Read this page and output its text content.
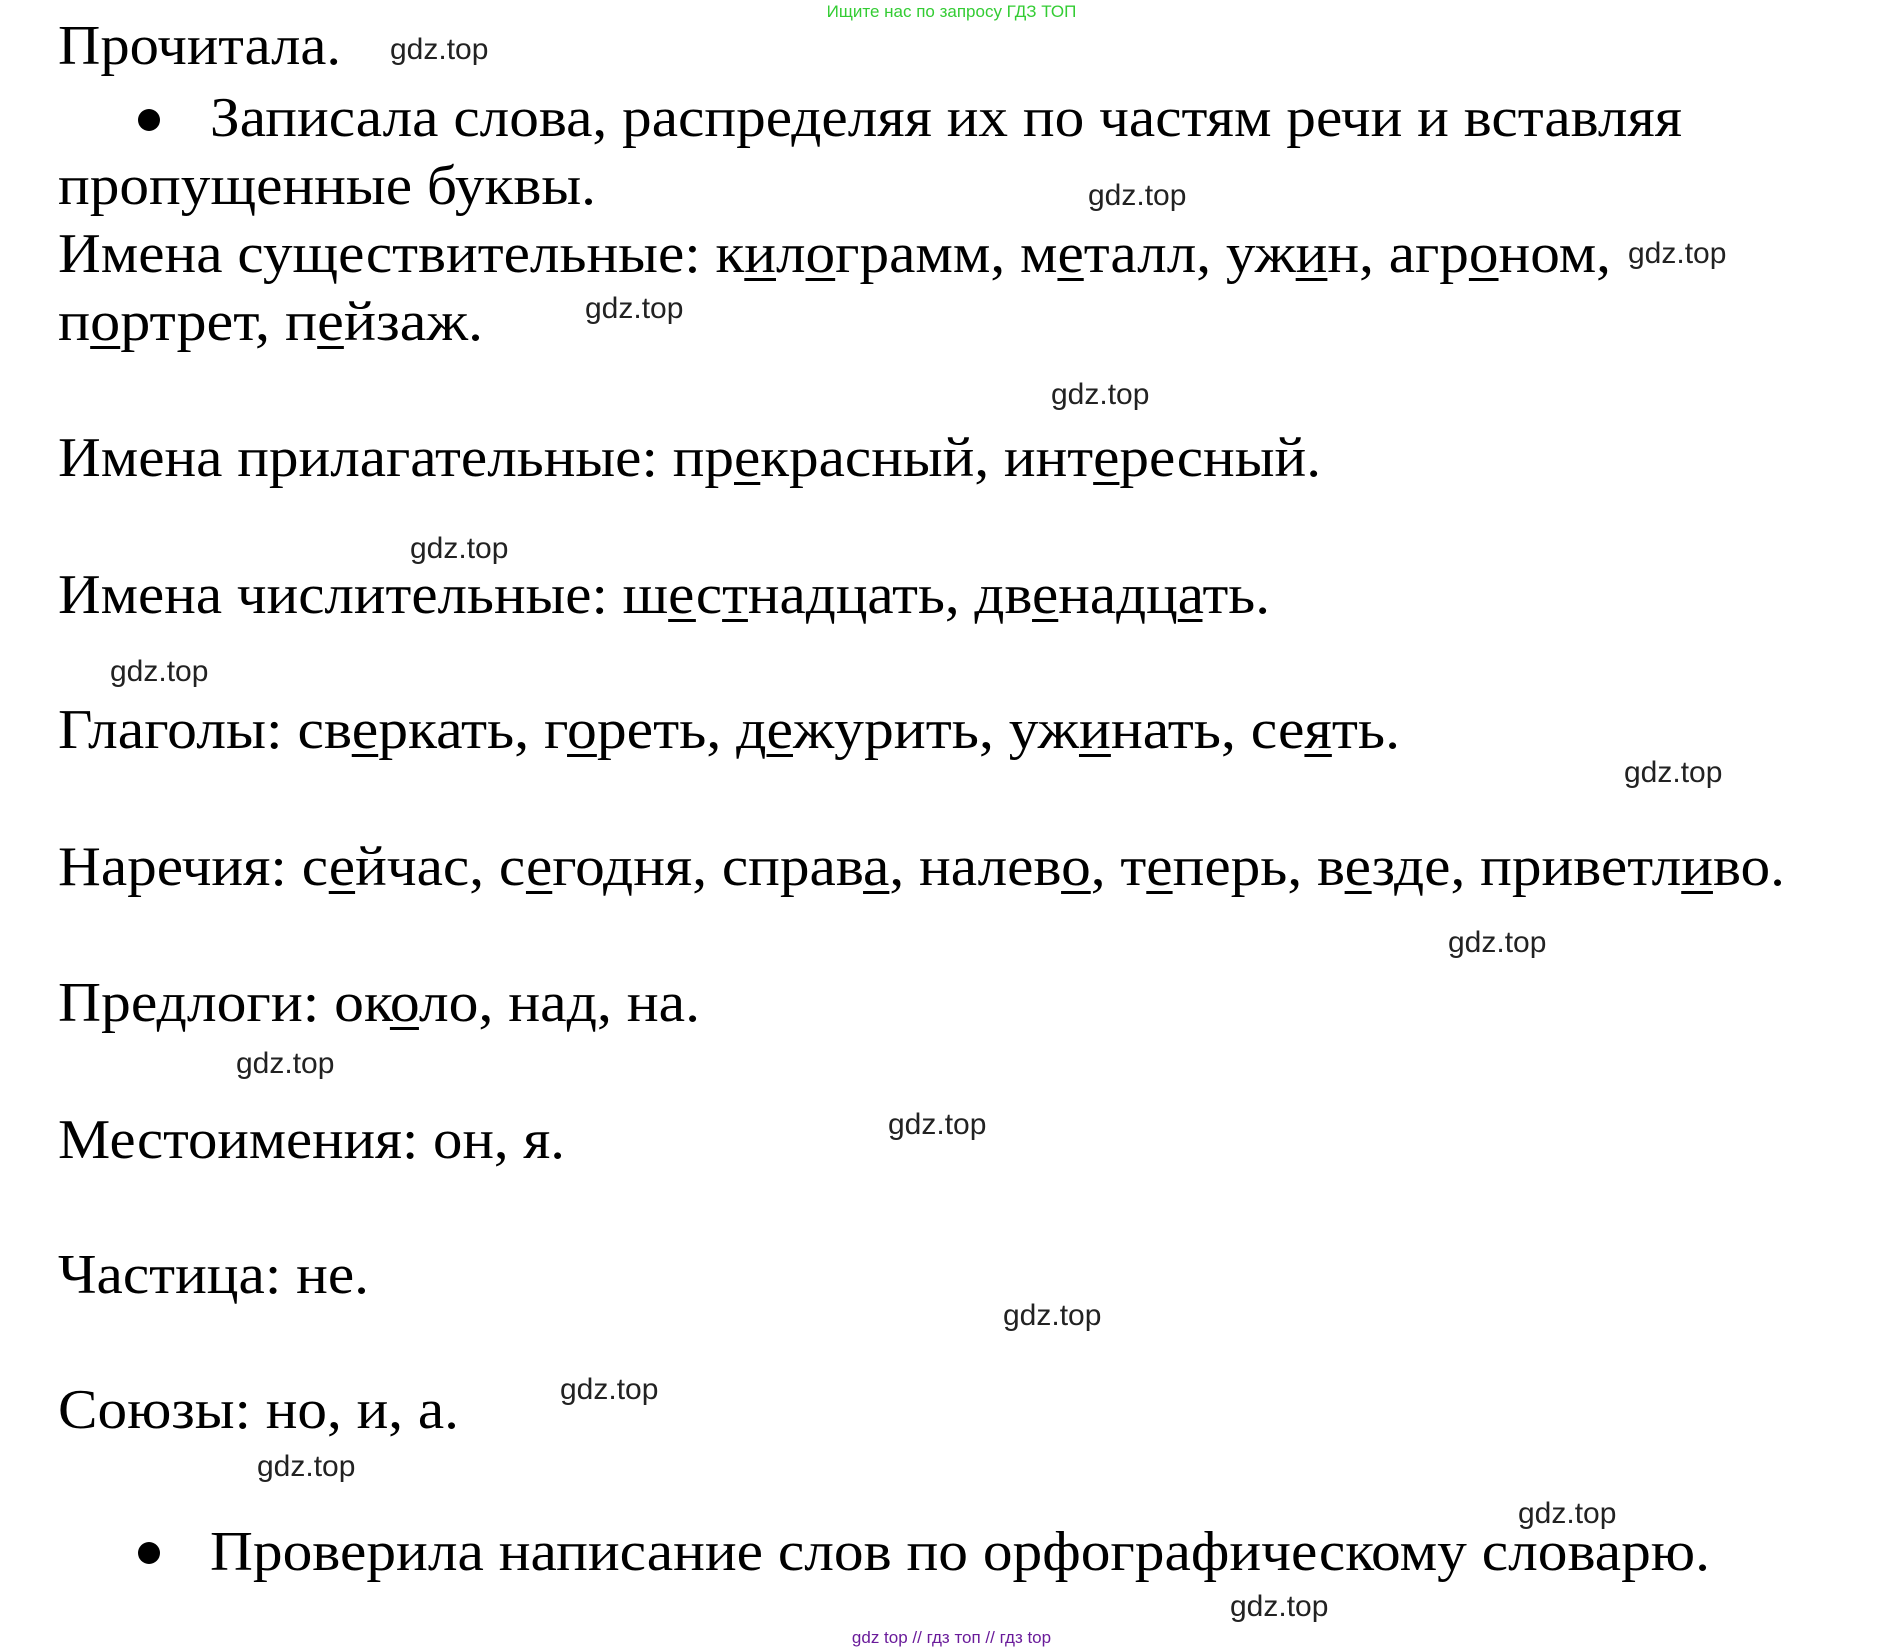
Ищите нас по запросу ГДЗ ТОП
Прочитала.
Записала слова, распределяя их по частям речи и вставляя
пропущенные буквы.
Имена существительные: килограмм, металл, ужин, агроном,
портрет, пейзаж.
Имена прилагательные: прекрасный, интересный.
Имена числительные: шестнадцать, двенадцать.
Глаголы: сверкать, гореть, дежурить, ужинать, сеять.
Наречия: сейчас, сегодня, справа, налево, теперь, везде, приветливо.
Предлоги: около, над, на.
Местоимения: он, я.
Частица: не.
Союзы: но, и, а.
Проверила написание слов по орфографическому словарю.
gdz.top
gdz.top
gdz.top
gdz.top
gdz.top
gdz.top
gdz.top
gdz.top
gdz.top
gdz.top
gdz.top
gdz.top
gdz.top
gdz.top
gdz.top
gdz.top
gdz top // гдз топ // гдз top
